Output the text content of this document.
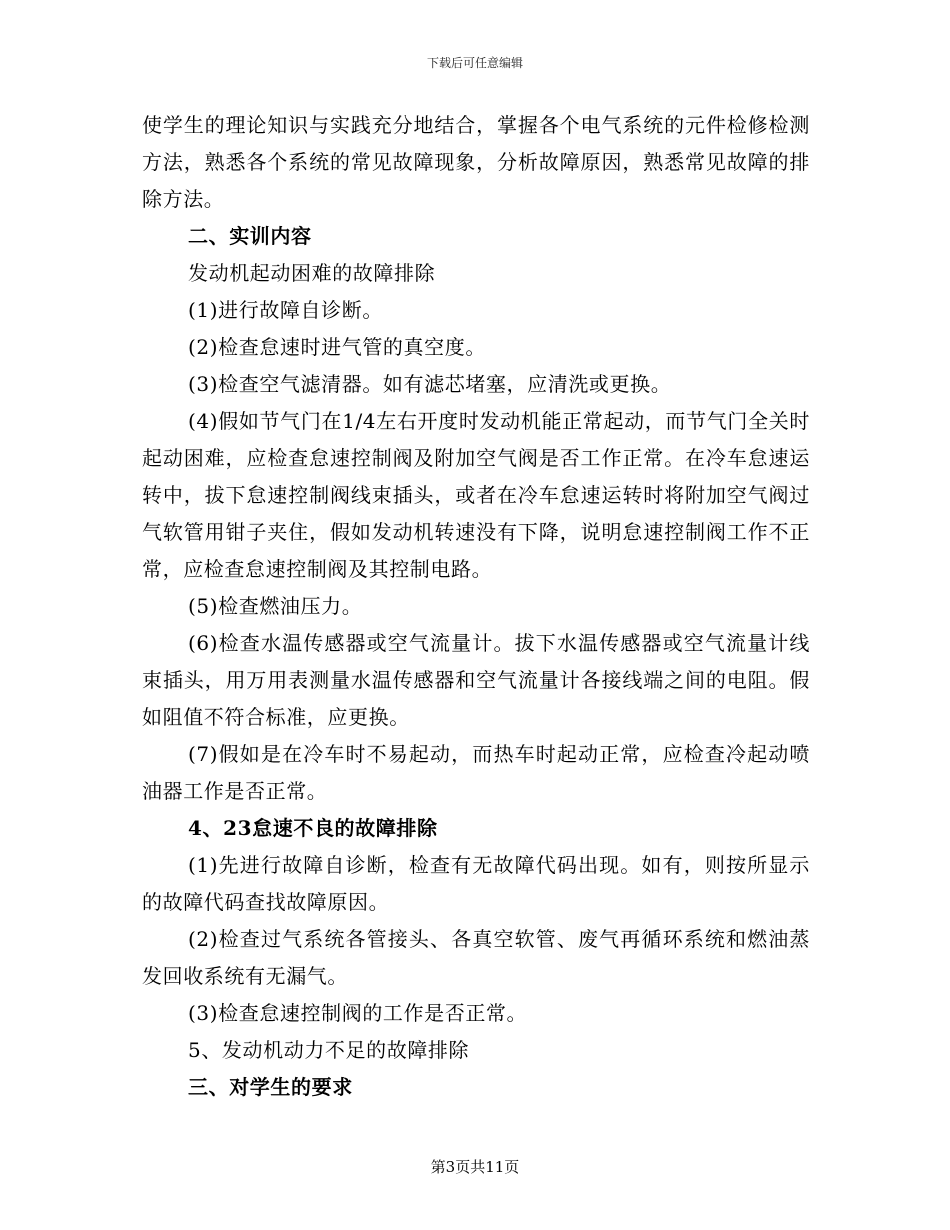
下载后可任意编辑

使学生的理论知识与实践充分地结合，掌握各个电气系统的元件检修检测方法，熟悉各个系统的常见故障现象，分析故障原因，熟悉常见故障的排除方法。

二、实训内容

发动机起动困难的故障排除

(1)进行故障自诊断。

(2)检查怠速时进气管的真空度。

(3)检查空气滤清器。如有滤芯堵塞，应清洗或更换。

(4)假如节气门在1/4左右开度时发动机能正常起动，而节气门全关时起动困难，应检查怠速控制阀及附加空气阀是否工作正常。在冷车怠速运转中，拔下怠速控制阀线束插头，或者在冷车怠速运转时将附加空气阀过气软管用钳子夹住，假如发动机转速没有下降，说明怠速控制阀工作不正常，应检查怠速控制阀及其控制电路。

(5)检查燃油压力。

(6)检查水温传感器或空气流量计。拔下水温传感器或空气流量计线束插头，用万用表测量水温传感器和空气流量计各接线端之间的电阻。假如阻值不符合标准，应更换。

(7)假如是在冷车时不易起动，而热车时起动正常，应检查冷起动喷油器工作是否正常。

4、23怠速不良的故障排除

(1)先进行故障自诊断，检查有无故障代码出现。如有，则按所显示的故障代码查找故障原因。

(2)检查过气系统各管接头、各真空软管、废气再循环系统和燃油蒸发回收系统有无漏气。

(3)检查怠速控制阀的工作是否正常。

5、发动机动力不足的故障排除

三、对学生的要求

第3页共11页
